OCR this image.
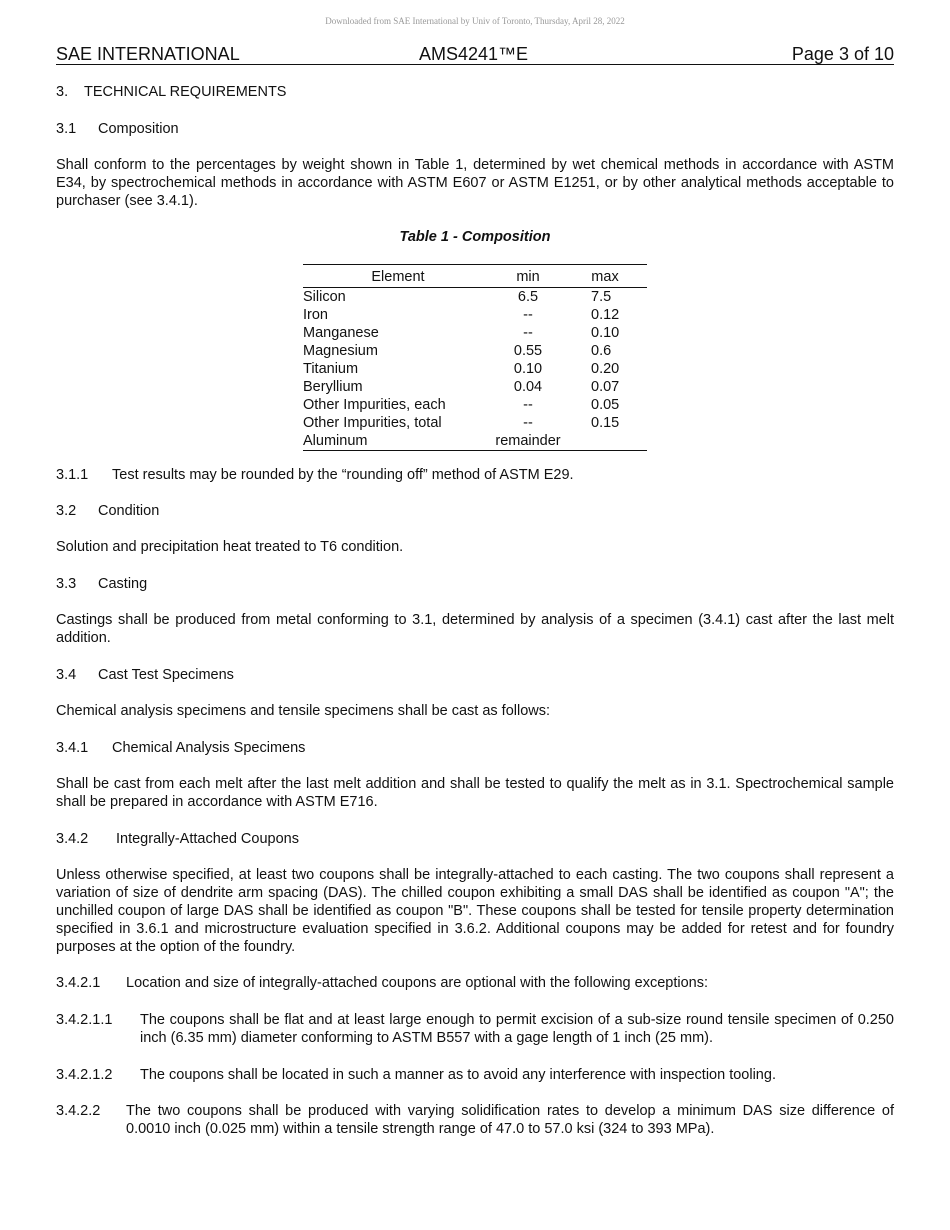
Downloaded from SAE International by Univ of Toronto, Thursday, April 28, 2022
SAE INTERNATIONAL	AMS4241™E	Page 3 of 10
3. TECHNICAL REQUIREMENTS
3.1 Composition
Shall conform to the percentages by weight shown in Table 1, determined by wet chemical methods in accordance with ASTM E34, by spectrochemical methods in accordance with ASTM E607 or ASTM E1251, or by other analytical methods acceptable to purchaser (see 3.4.1).
Table 1 - Composition
Element	min	max
Silicon	6.5	7.5
Iron	--	0.12
Manganese	--	0.10
Magnesium	0.55	0.6
Titanium	0.10	0.20
Beryllium	0.04	0.07
Other Impurities, each	--	0.05
Other Impurities, total	--	0.15
Aluminum	remainder	
3.1.1 Test results may be rounded by the “rounding off” method of ASTM E29.
3.2 Condition
Solution and precipitation heat treated to T6 condition.
3.3 Casting
Castings shall be produced from metal conforming to 3.1, determined by analysis of a specimen (3.4.1) cast after the last melt addition.
3.4 Cast Test Specimens
Chemical analysis specimens and tensile specimens shall be cast as follows:
3.4.1 Chemical Analysis Specimens
Shall be cast from each melt after the last melt addition and shall be tested to qualify the melt as in 3.1. Spectrochemical sample shall be prepared in accordance with ASTM E716.
3.4.2 Integrally-Attached Coupons
Unless otherwise specified, at least two coupons shall be integrally-attached to each casting. The two coupons shall represent a variation of size of dendrite arm spacing (DAS). The chilled coupon exhibiting a small DAS shall be identified as coupon "A"; the unchilled coupon of large DAS shall be identified as coupon "B". These coupons shall be tested for tensile property determination specified in 3.6.1 and microstructure evaluation specified in 3.6.2. Additional coupons may be added for retest and for foundry purposes at the option of the foundry.
3.4.2.1 Location and size of integrally-attached coupons are optional with the following exceptions:
3.4.2.1.1 The coupons shall be flat and at least large enough to permit excision of a sub-size round tensile specimen of 0.250 inch (6.35 mm) diameter conforming to ASTM B557 with a gage length of 1 inch (25 mm).
3.4.2.1.2 The coupons shall be located in such a manner as to avoid any interference with inspection tooling.
3.4.2.2 The two coupons shall be produced with varying solidification rates to develop a minimum DAS size difference of 0.0010 inch (0.025 mm) within a tensile strength range of 47.0 to 57.0 ksi (324 to 393 MPa).
